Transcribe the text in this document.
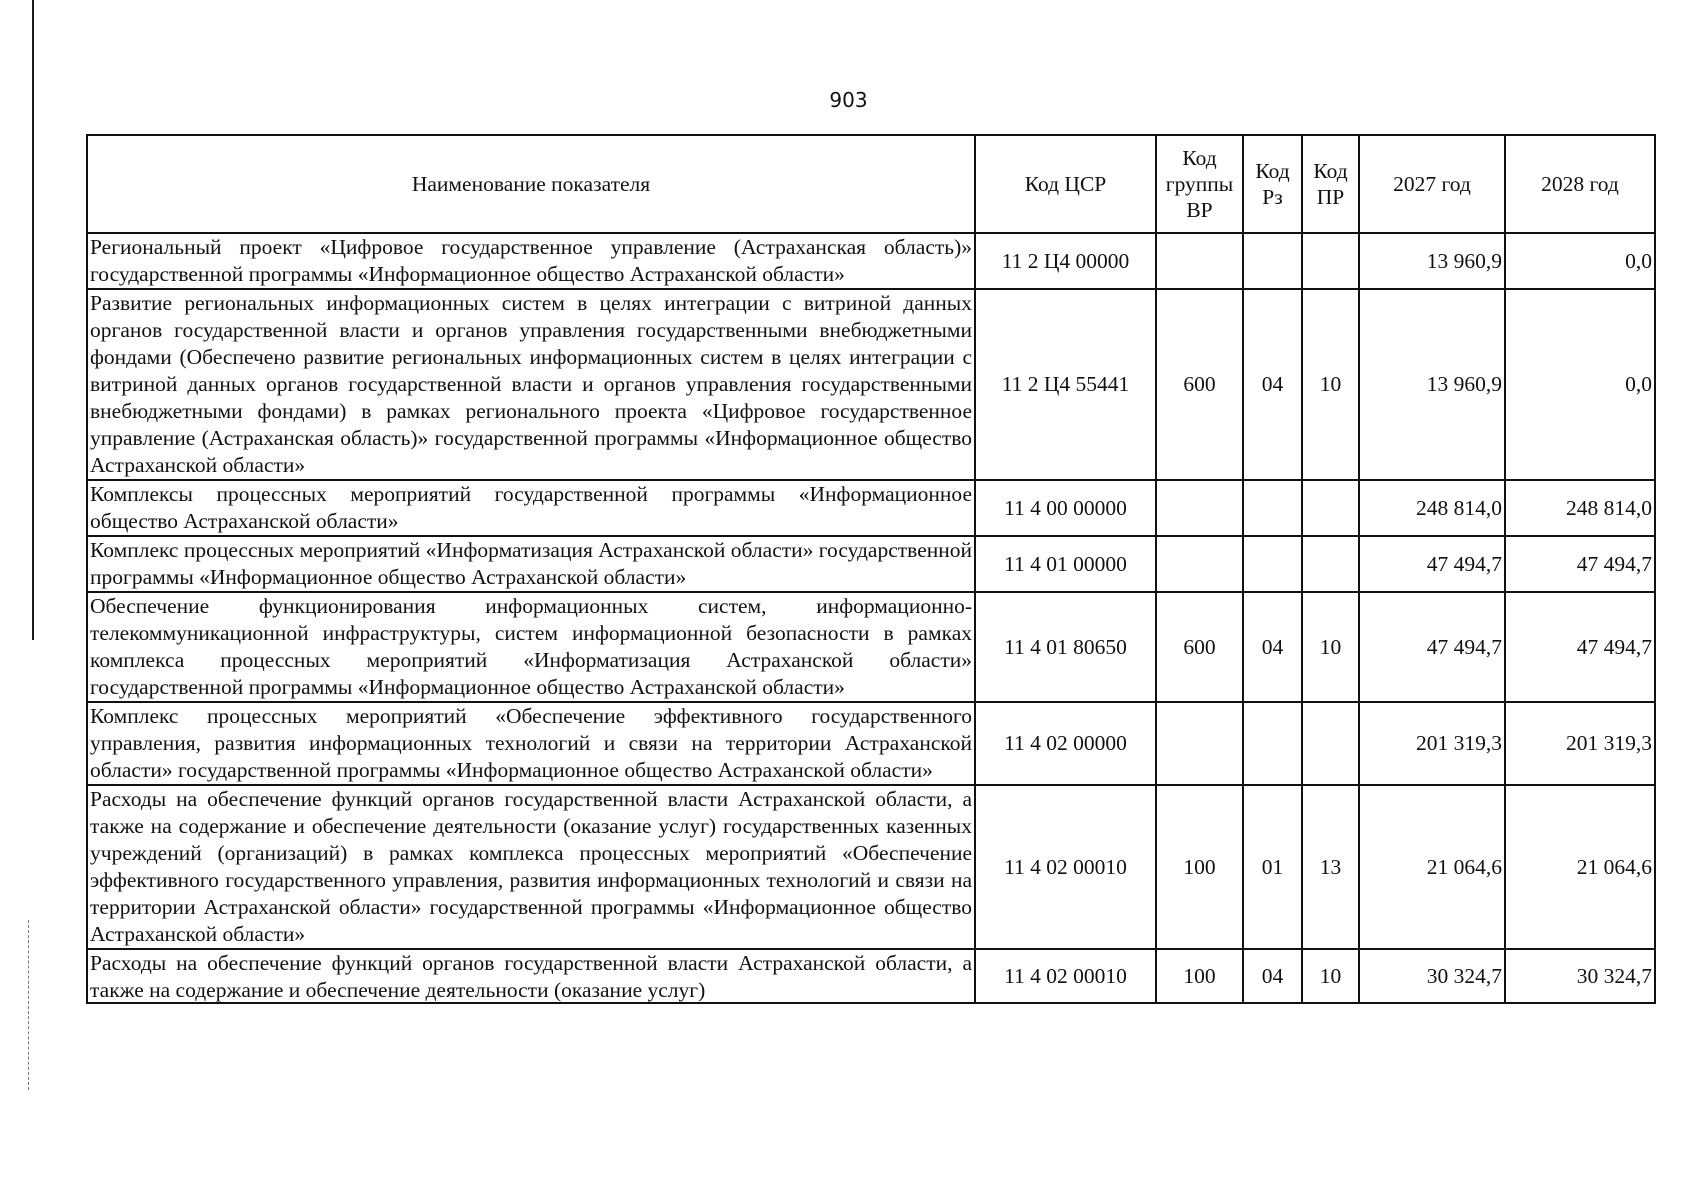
903
Наименование показателя	Код ЦСР	Код группы ВР	Код Рз	Код ПР	2027 год	2028 год
Региональный проект «Цифровое государственное управление (Астраханская область)» государственной программы «Информационное общество Астраханской области»	11 2 Ц4 00000				13 960,9	0,0
Развитие региональных информационных систем в целях интеграции с витриной данных органов государственной власти и органов управления государственными внебюджетными фондами (Обеспечено развитие региональных информационных систем в целях интеграции с витриной данных органов государственной власти и органов управления государственными внебюджетными фондами) в рамках регионального проекта «Цифровое государственное управление (Астраханская область)» государственной программы «Информационное общество Астраханской области»	11 2 Ц4 55441	600	04	10	13 960,9	0,0
Комплексы процессных мероприятий государственной программы «Информационное общество Астраханской области»	11 4 00 00000				248 814,0	248 814,0
Комплекс процессных мероприятий «Информатизация Астраханской области» государственной программы «Информационное общество Астраханской области»	11 4 01 00000				47 494,7	47 494,7
Обеспечение функционирования информационных систем, информационно-телекоммуникационной инфраструктуры, систем информационной безопасности в рамках комплекса процессных мероприятий «Информатизация Астраханской области» государственной программы «Информационное общество Астраханской области»	11 4 01 80650	600	04	10	47 494,7	47 494,7
Комплекс процессных мероприятий «Обеспечение эффективного государственного управления, развития информационных технологий и связи на территории Астраханской области» государственной программы «Информационное общество Астраханской области»	11 4 02 00000				201 319,3	201 319,3
Расходы на обеспечение функций органов государственной власти Астраханской области, а также на содержание и обеспечение деятельности (оказание услуг) государственных казенных учреждений (организаций) в рамках комплекса процессных мероприятий «Обеспечение эффективного государственного управления, развития информационных технологий и связи на территории Астраханской области» государственной программы «Информационное общество Астраханской области»	11 4 02 00010	100	01	13	21 064,6	21 064,6

Расходы на обеспечение функций органов государственной власти Астраханской области, а также на содержание и обеспечение деятельности (оказание услуг)	11 4 02 00010	100	04	10	30 324,7	30 324,7
